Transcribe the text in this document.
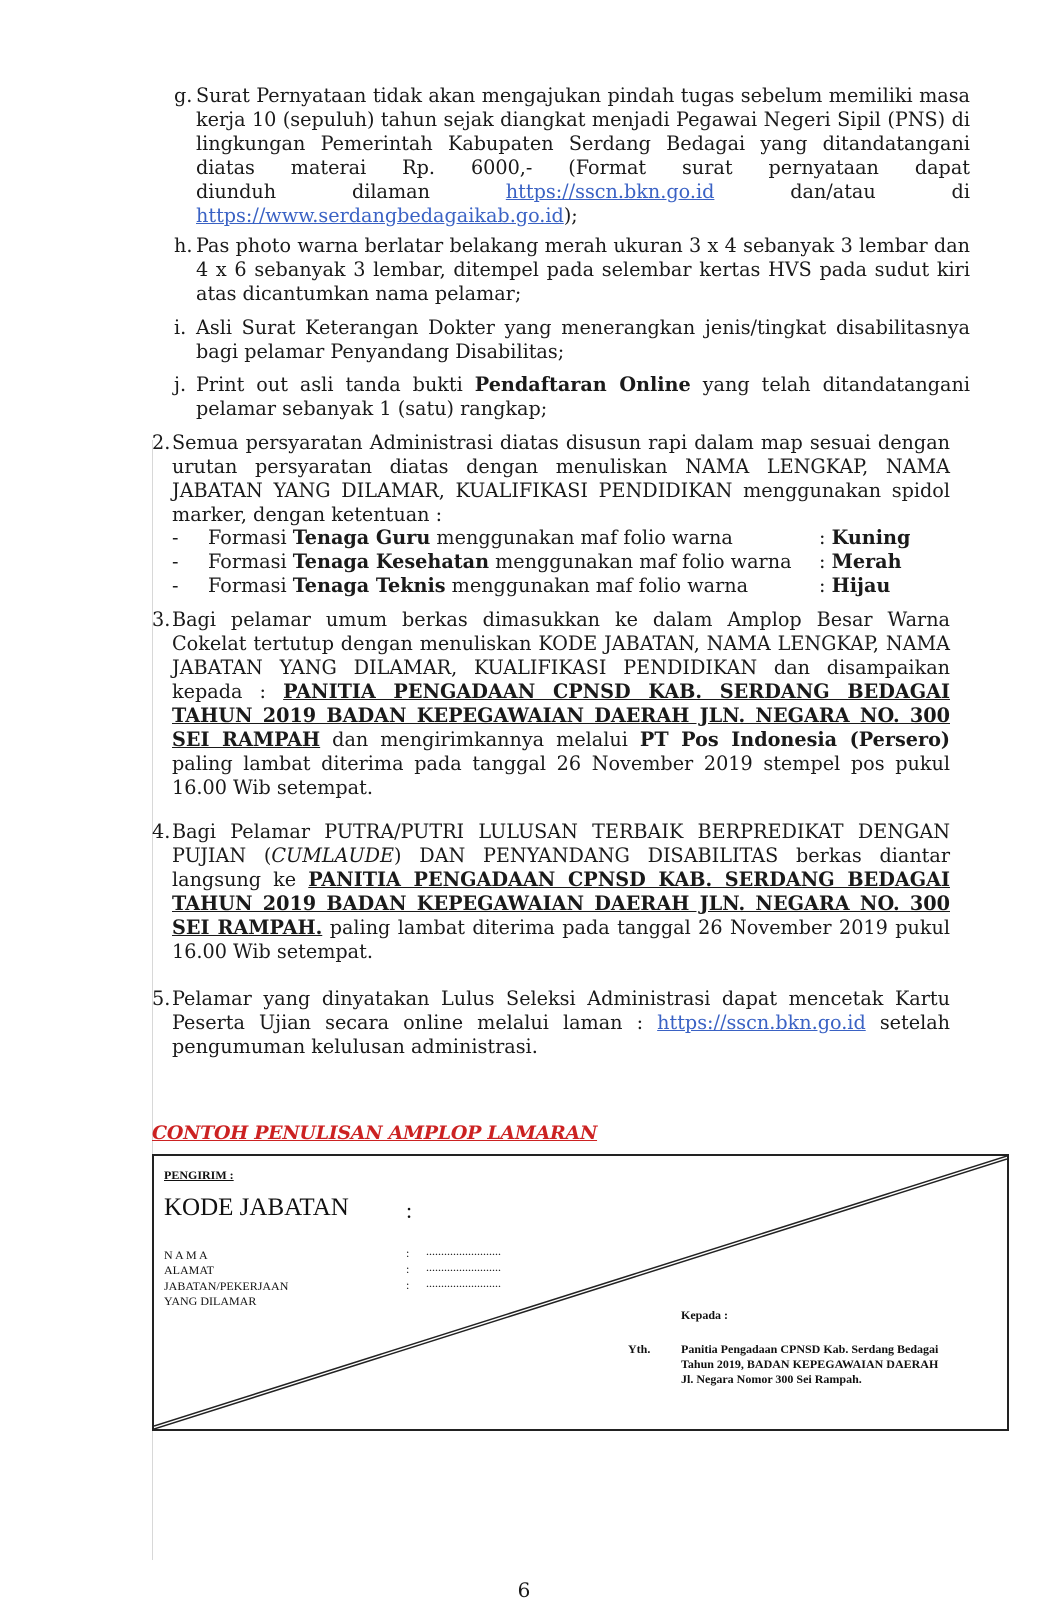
g. Surat Pernyataan tidak akan mengajukan pindah tugas sebelum memiliki masa kerja 10 (sepuluh) tahun sejak diangkat menjadi Pegawai Negeri Sipil (PNS) di lingkungan Pemerintah Kabupaten Serdang Bedagai yang ditandatangani diatas materai Rp. 6000,- (Format surat pernyataan dapat
diunduh	dilaman	https://sscn.bkn.go.id	dan/atau	di
https://www.serdangbedagaikab.go.id);
h. Pas photo warna berlatar belakang merah ukuran 3 x 4 sebanyak 3 lembar dan 4 x 6 sebanyak 3 lembar, ditempel pada selembar kertas HVS pada sudut kiri atas dicantumkan nama pelamar;
i. Asli Surat Keterangan Dokter yang menerangkan jenis/tingkat disabilitasnya bagi pelamar Penyandang Disabilitas;
j. Print out asli tanda bukti Pendaftaran Online yang telah ditandatangani pelamar sebanyak 1 (satu) rangkap;
2. Semua persyaratan Administrasi diatas disusun rapi dalam map sesuai dengan urutan persyaratan diatas dengan menuliskan NAMA LENGKAP, NAMA JABATAN YANG DILAMAR, KUALIFIKASI PENDIDIKAN menggunakan spidol marker, dengan ketentuan :
- Formasi Tenaga Guru menggunakan maf folio warna	: Kuning
- Formasi Tenaga Kesehatan menggunakan maf folio warna : Merah
- Formasi Tenaga Teknis menggunakan maf folio warna	: Hijau
3. Bagi pelamar umum berkas dimasukkan ke dalam Amplop Besar Warna Cokelat tertutup dengan menuliskan KODE JABATAN, NAMA LENGKAP, NAMA JABATAN YANG DILAMAR, KUALIFIKASI PENDIDIKAN dan disampaikan kepada : PANITIA PENGADAAN CPNSD KAB. SERDANG BEDAGAI TAHUN 2019 BADAN KEPEGAWAIAN DAERAH JLN. NEGARA NO. 300 SEI RAMPAH dan mengirimkannya melalui PT Pos Indonesia (Persero) paling lambat diterima pada tanggal 26 November 2019 stempel pos pukul 16.00 Wib setempat.
4. Bagi Pelamar PUTRA/PUTRI LULUSAN TERBAIK BERPREDIKAT DENGAN PUJIAN (CUMLAUDE) DAN PENYANDANG DISABILITAS berkas diantar langsung ke PANITIA PENGADAAN CPNSD KAB. SERDANG BEDAGAI TAHUN 2019 BADAN KEPEGAWAIAN DAERAH JLN. NEGARA NO. 300 SEI RAMPAH. paling lambat diterima pada tanggal 26 November 2019 pukul 16.00 Wib setempat.
5. Pelamar yang dinyatakan Lulus Seleksi Administrasi dapat mencetak Kartu Peserta Ujian secara online melalui laman : https://sscn.bkn.go.id setelah pengumuman kelulusan administrasi.
CONTOH PENULISAN AMPLOP LAMARAN
PENGIRIM :
KODE JABATAN	:
N A M A	: .........................
ALAMAT	: .........................
JABATAN/PEKERJAAN	: .........................
YANG DILAMAR
Kepada :
Yth.	Panitia Pengadaan CPNSD Kab. Serdang Bedagai
Tahun 2019, BADAN KEPEGAWAIAN DAERAH
Jl. Negara Nomor 300 Sei Rampah.
6
